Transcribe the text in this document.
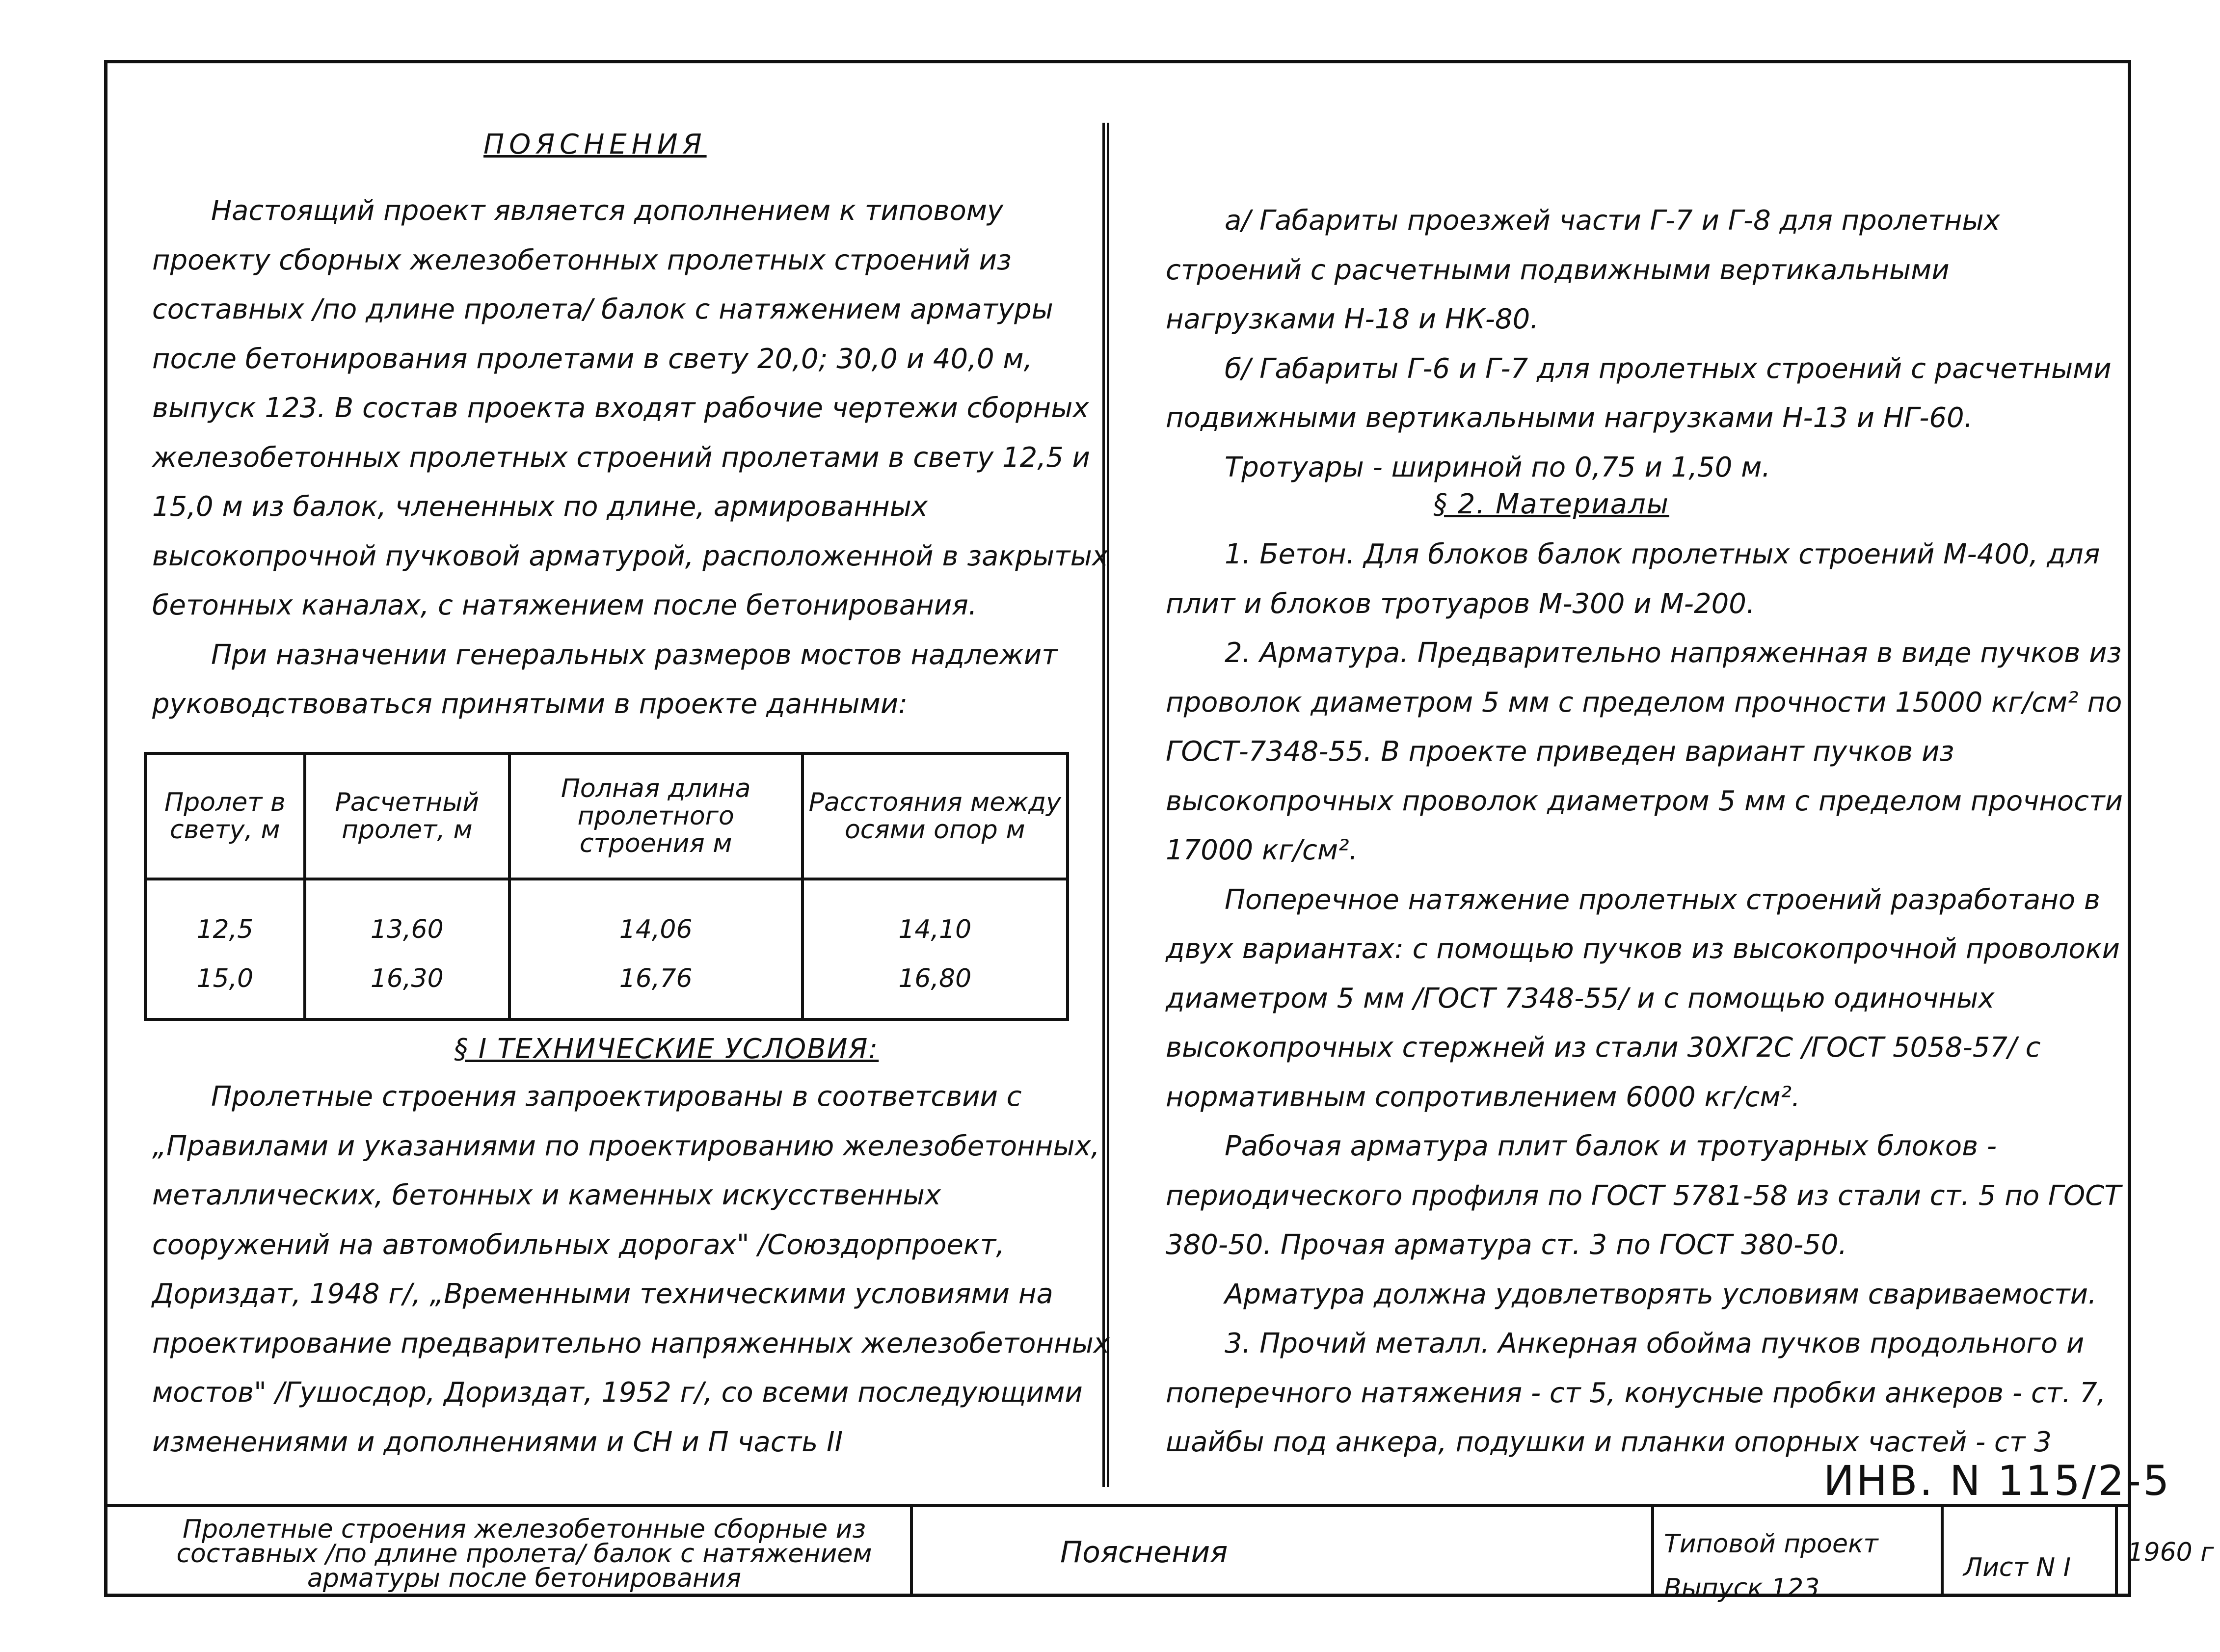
ПОЯСНЕНИЯ

Настоящий проект является дополнением к типовому проекту сборных железобетонных пролетных строений из составных /по длине пролета/ балок с натяжением арматуры после бетонирования пролетами в свету 20,0; 30,0 и 40,0 м, выпуск 123. В состав проекта входят рабочие чертежи сборных железобетонных пролетных строений пролетами в свету 12,5 и 15,0 м из балок, члененных по длине, армированных высокопрочной пучковой арматурой, расположенной в закрытых бетонных каналах, с натяжением после бетонирования.

При назначении генеральных размеров мостов надлежит руководствоваться принятыми в проекте данными:

Пролет в свету, м	Расчетный пролет, м	Полная длина пролетного строения м	Расстояния между осями опор м
12,5	13,60	14,06	14,10
15,0	16,30	16,76	16,80
§ I ТЕХНИЧЕСКИЕ УСЛОВИЯ:

Пролетные строения запроектированы в соответсвии с „Правилами и указаниями по проектированию железобетонных, металлических, бетонных и каменных искусственных сооружений на автомобильных дорогах" /Союздорпроект, Дориздат, 1948 г/, „Временными техническими условиями на проектирование предварительно напряженных железобетонных мостов" /Гушосдор, Дориздат, 1952 г/, со всеми последующими изменениями и дополнениями и СН и П часть II

а/ Габариты проезжей части Г-7 и Г-8 для пролетных строений с расчетными подвижными вертикальными нагрузками Н-18 и НК-80.

б/ Габариты Г-6 и Г-7 для пролетных строений с расчетными подвижными вертикальными нагрузками Н-13 и НГ-60.

Тротуары - шириной по 0,75 и 1,50 м.

§ 2. Материалы

1. Бетон. Для блоков балок пролетных строений М-400, для плит и блоков тротуаров М-300 и М-200.

2. Арматура. Предварительно напряженная в виде пучков из проволок диаметром 5 мм с пределом прочности 15000 кг/см² по ГОСТ-7348-55. В проекте приведен вариант пучков из высокопрочных проволок диаметром 5 мм с пределом прочности 17000 кг/см².

Поперечное натяжение пролетных строений разработано в двух вариантах: с помощью пучков из высокопрочной проволоки диаметром 5 мм /ГОСТ 7348-55/ и с помощью одиночных высокопрочных стержней из стали 30ХГ2С /ГОСТ 5058-57/ с нормативным сопротивлением 6000 кг/см².

Рабочая арматура плит балок и тротуарных блоков - периодического профиля по ГОСТ 5781-58 из стали ст. 5 по ГОСТ 380-50. Прочая арматура ст. 3 по ГОСТ 380-50.

Арматура должна удовлетворять условиям свариваемости.

3. Прочий металл. Анкерная обойма пучков продольного и поперечного натяжения - ст 5, конусные пробки анкеров - ст. 7, шайбы под анкера, подушки и планки опорных частей - ст 3

ИНВ. N 115/2-5
Пролетные строения железобетонные сборные из составных /по длине пролета/ балок с натяжением арматуры после бетонирования
Пояснения	Типовой проект
Выпуск 123
Лист N I
1960 г
